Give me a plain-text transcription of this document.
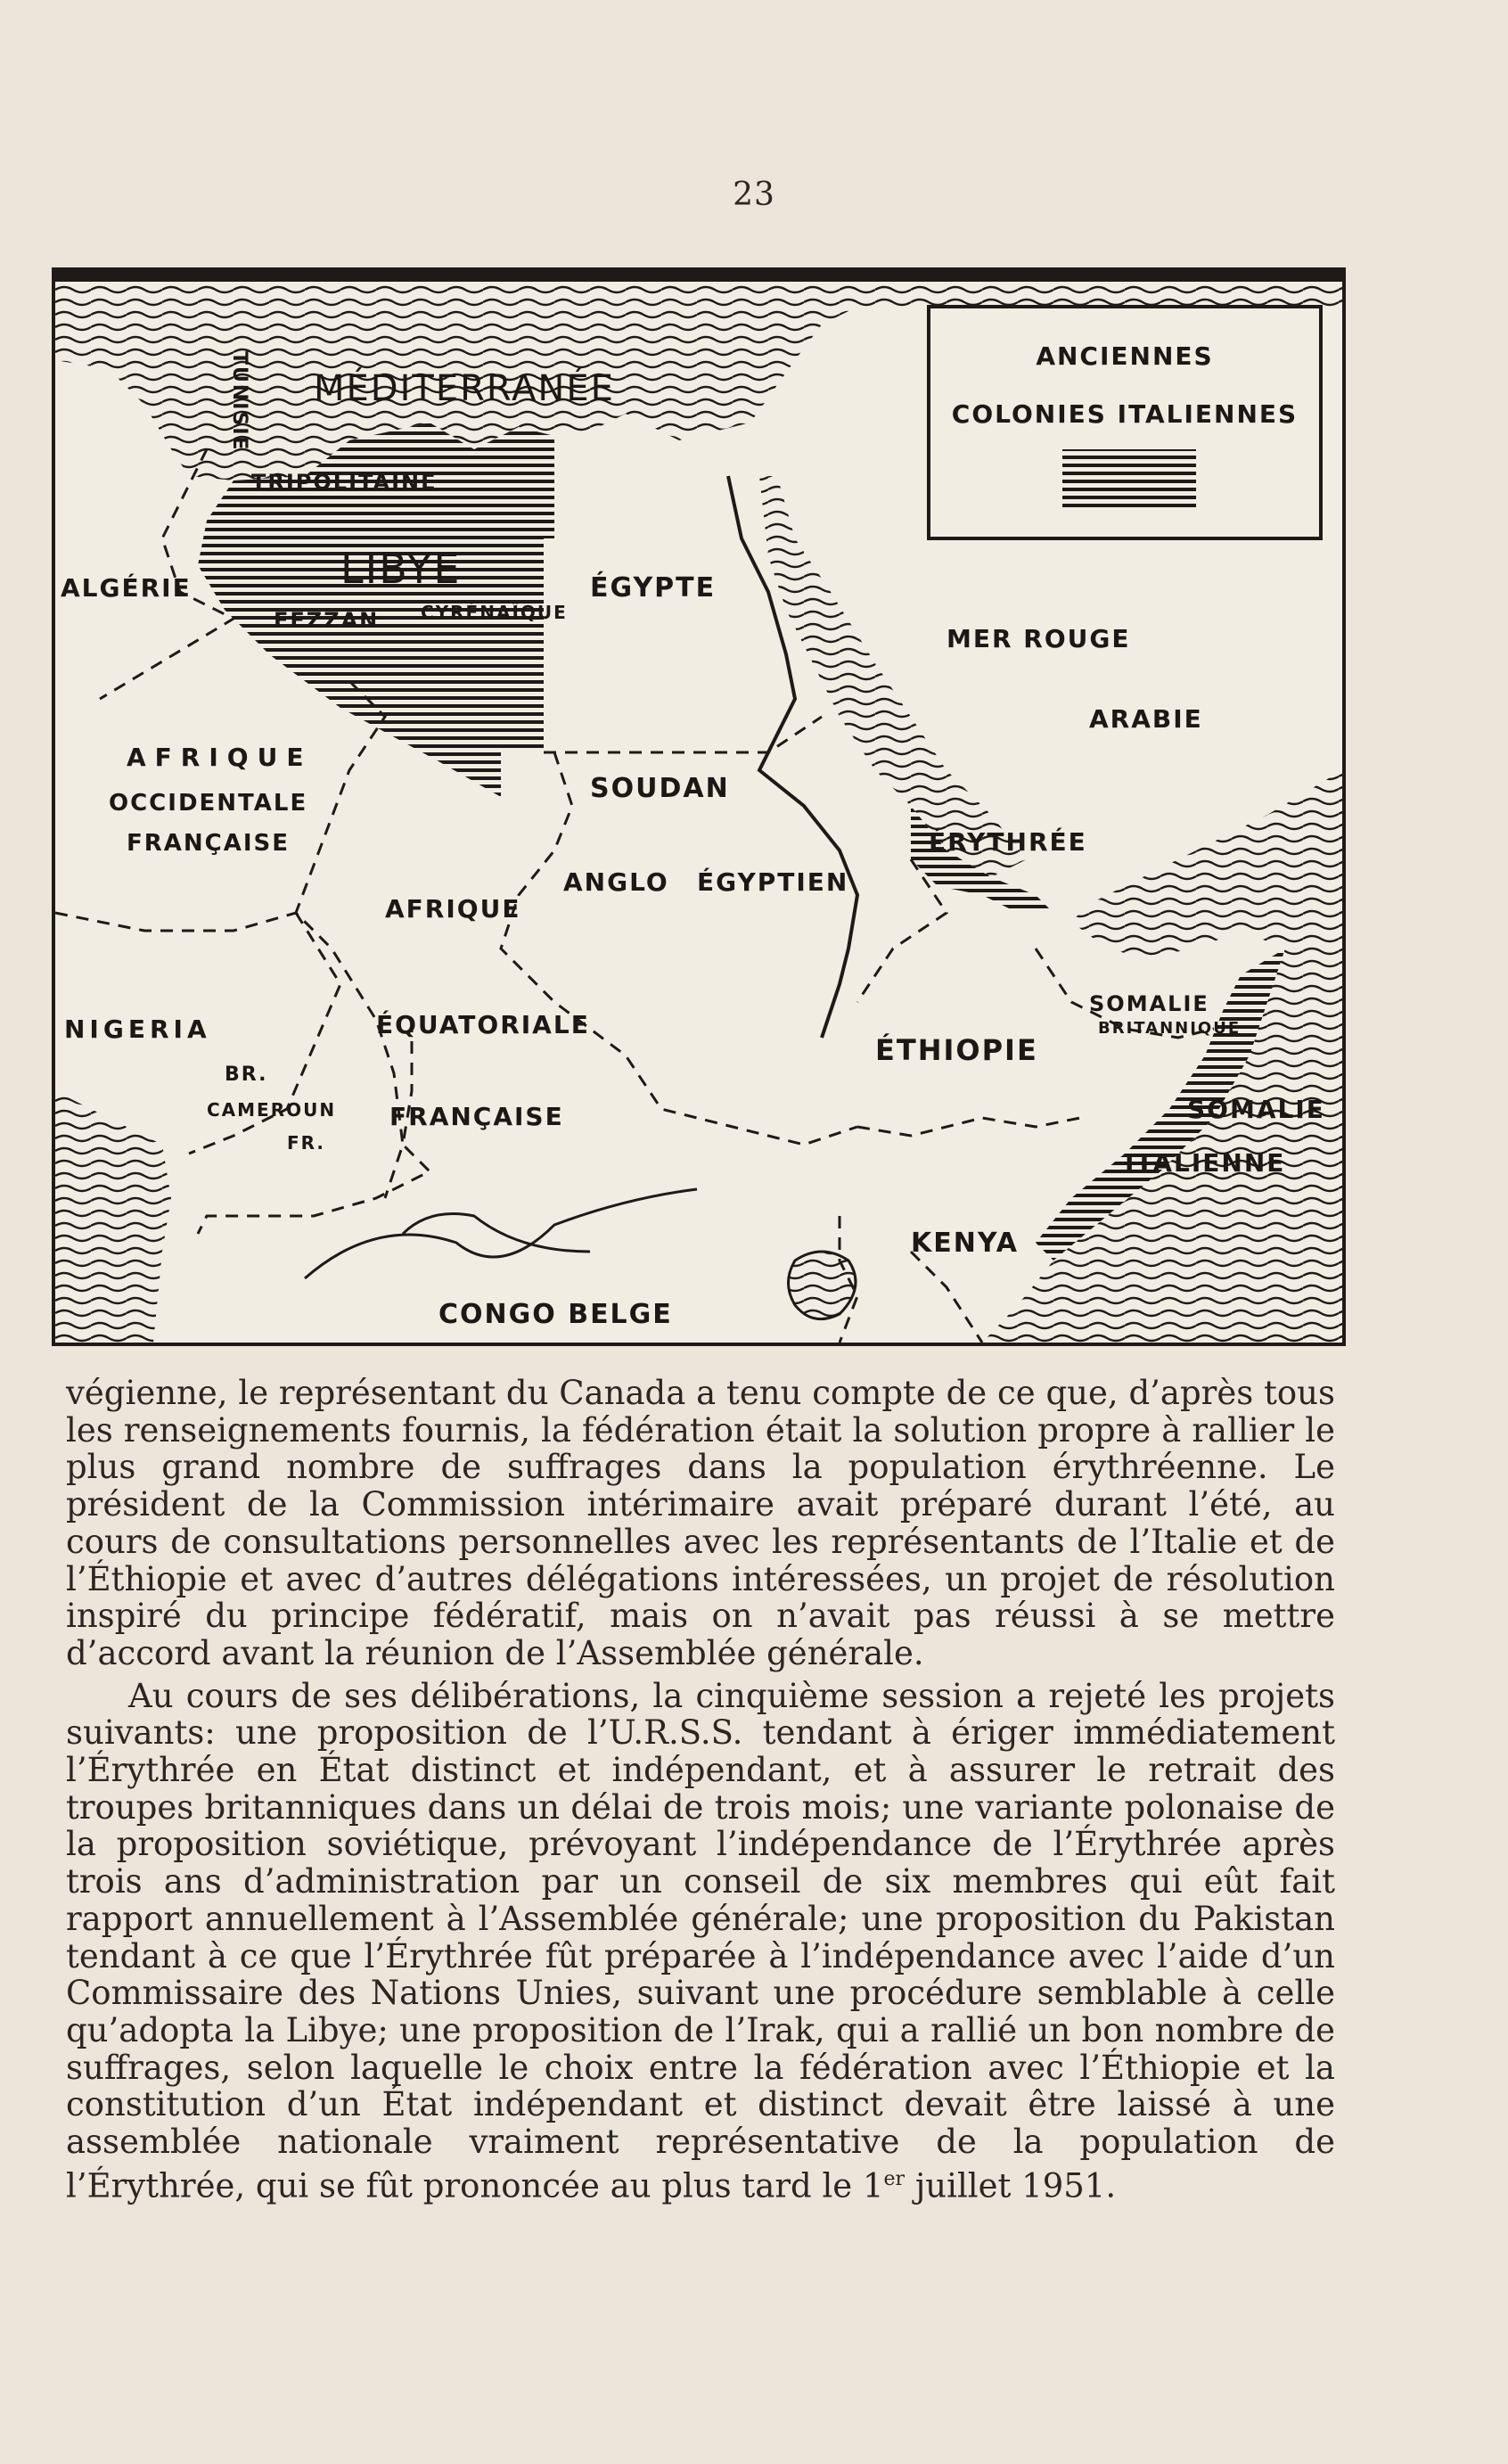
23
ANCIENNES
COLONIES ITALIENNES
TUNISIE MÉDITERRANÉE
TRIPOLITAINE
ALGÉRIE	LIBYE
FEZZAN CYRÉNAÏQUE
ÉGYPTE
MER ROUGE
ARABIE
AFRIQUE
OCCIDENTALE
FRANÇAISE
SOUDAN
ANGLO ÉGYPTIEN
ÉRYTHRÉE
AFRIQUE
ÉQUATORIALE
FRANÇAISE
SOMALIE
BRITANNIQUE
NIGERIA
BR.
CAMEROUN
FR.
ÉTHIOPIE
SOMALIE
ITALIENNE
KENYA
CONGO BELGE

végienne, le représentant du Canada a tenu compte de ce que, d’après tous les renseignements fournis, la fédération était la solution propre à rallier le plus grand nombre de suffrages dans la population érythréenne. Le président de la Commission intérimaire avait préparé durant l’été, au cours de consultations personnelles avec les représentants de l’Italie et de l’Éthiopie et avec d’autres délégations intéressées, un projet de résolution inspiré du principe fédératif, mais on n’avait pas réussi à se mettre d’accord avant la réunion de l’Assemblée générale.

Au cours de ses délibérations, la cinquième session a rejeté les projets suivants: une proposition de l’U.R.S.S. tendant à ériger immédiatement l’Érythrée en État distinct et indépendant, et à assurer le retrait des troupes britanniques dans un délai de trois mois; une variante polonaise de la proposition soviétique, prévoyant l’indépendance de l’Érythrée après trois ans d’administration par un conseil de six membres qui eût fait rapport annuellement à l’Assemblée générale; une proposition du Pakistan tendant à ce que l’Érythrée fût préparée à l’indépendance avec l’aide d’un Commissaire des Nations Unies, suivant une procédure semblable à celle qu’adopta la Libye; une proposition de l’Irak, qui a rallié un bon nombre de suffrages, selon laquelle le choix entre la fédération avec l’Éthiopie et la constitution d’un État indépendant et distinct devait être laissé à une assemblée nationale vraiment représentative de la population de l’Érythrée, qui se fût prononcée au plus tard le 1er juillet 1951.
